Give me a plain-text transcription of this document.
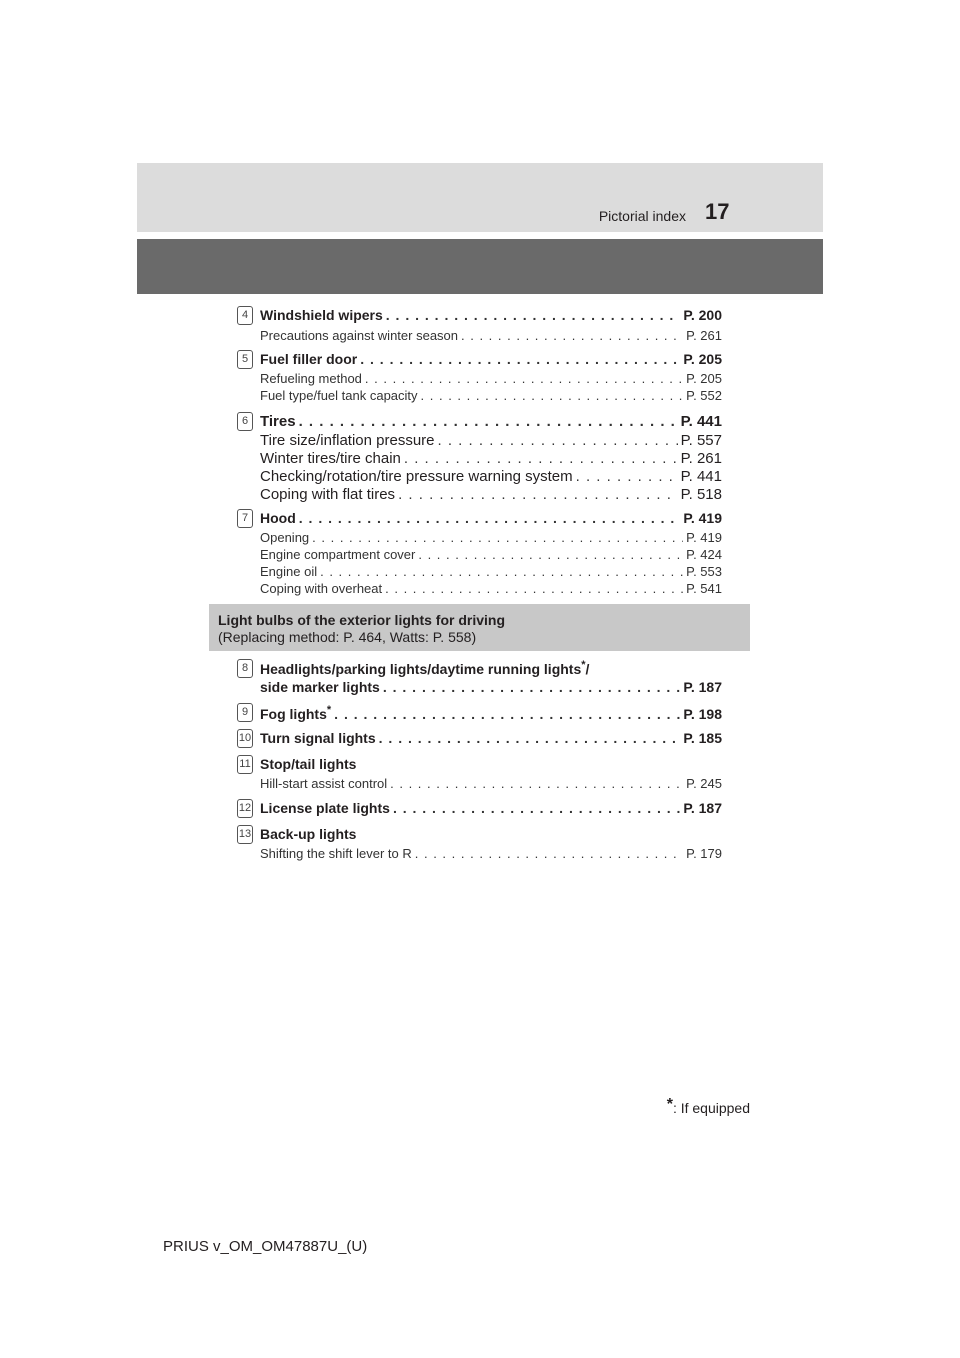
Pictorial index 17
4 Windshield wipers . . .	P. 200
Precautions against winter season . . .	P. 261
5 Fuel filler door . . .	P. 205
Refueling method . . .	P. 205
Fuel type/fuel tank capacity . . .	P. 552
6 Tires . . .	P. 441
Tire size/inflation pressure . . .	P. 557
Winter tires/tire chain . . .	P. 261
Checking/rotation/tire pressure warning system . . .	P. 441
Coping with flat tires . . .	P. 518
7 Hood . . .	P. 419
Opening . . .	P. 419
Engine compartment cover . . .	P. 424
Engine oil . . .	P. 553
Coping with overheat . . .	P. 541
Light bulbs of the exterior lights for driving
(Replacing method: P. 464, Watts: P. 558)
8 Headlights/parking lights/daytime running lights*/
side marker lights . . .	P. 187
9 Fog lights* . . .	P. 198
10 Turn signal lights . . .	P. 185
11 Stop/tail lights
Hill-start assist control . . .	P. 245
12 License plate lights . . .	P. 187
13 Back-up lights
Shifting the shift lever to R . . .	P. 179
*: If equipped
PRIUS v_OM_OM47887U_(U)
